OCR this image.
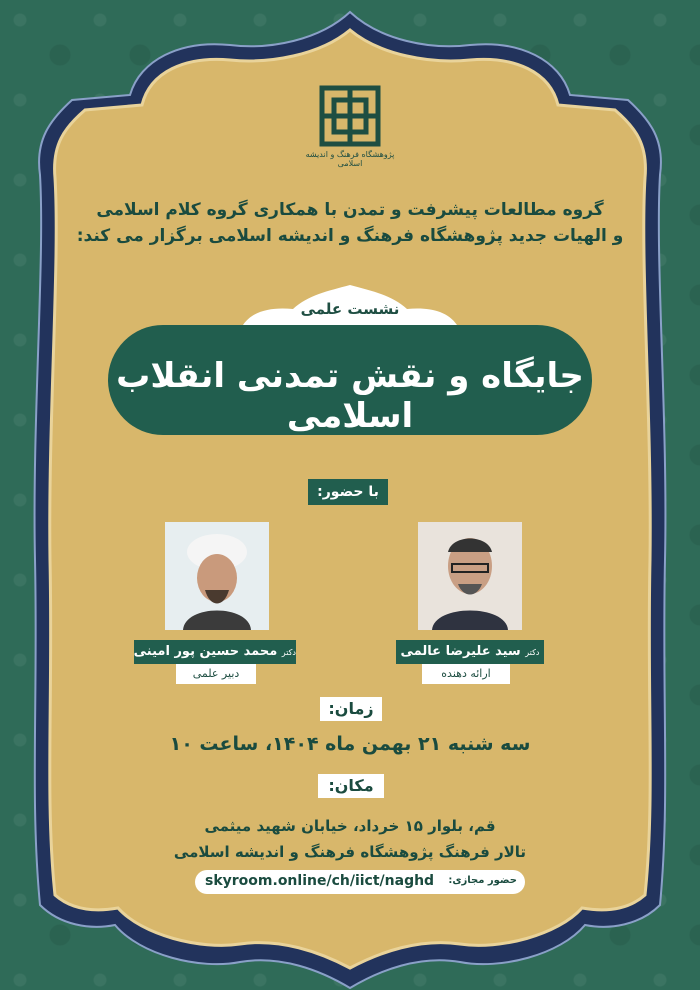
پژوهشگاه فرهنگ و اندیشه اسلامی
گروه مطالعات پیشرفت و تمدن با همکاری گروه کلام اسلامی
و الهیات جدید پژوهشگاه فرهنگ و اندیشه اسلامی برگزار می کند:
نشست علمی
جایگاه و نقش تمدنی انقلاب اسلامی
با حضور:
دکتر محمد حسین پور امینی
دبیر علمی
دکتر سید علیرضا عالمی
ارائه دهنده
زمان:
سه شنبه ۲۱ بهمن ماه ۱۴۰۴، ساعت ۱۰
مکان:
قم، بلوار ۱۵ خرداد، خیابان شهید میثمی
تالار فرهنگ پژوهشگاه فرهنگ و اندیشه اسلامی
حضور مجازی:
skyroom.online/ch/iict/naghd
